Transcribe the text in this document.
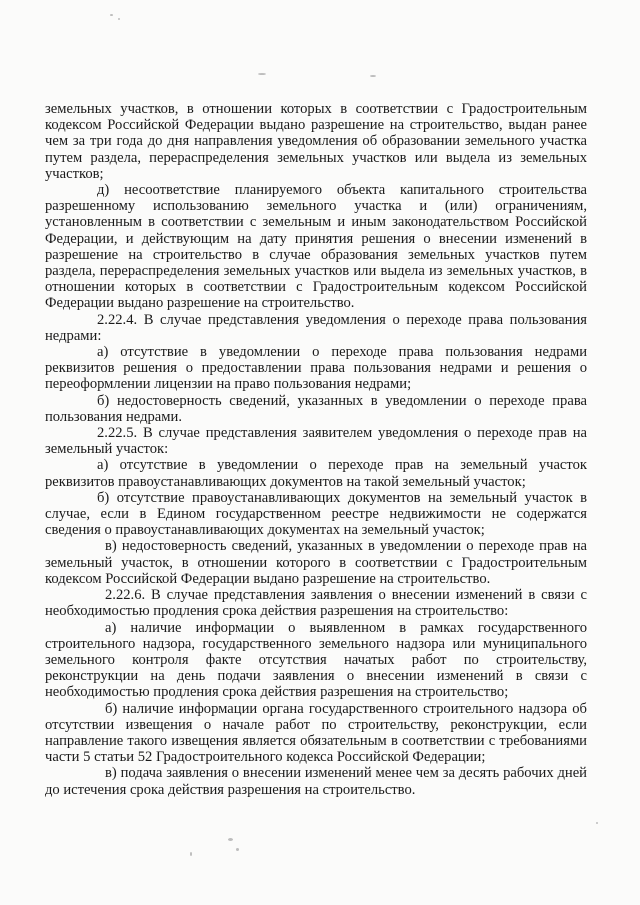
земельных участков, в отношении которых в соответствии с Градостроительным кодексом Российской Федерации выдано разрешение на строительство, выдан ранее чем за три года до дня направления уведомления об образовании земельного участка путем раздела, перераспределения земельных участков или выдела из земельных участков;

д) несоответствие планируемого объекта капитального строительства разрешенному использованию земельного участка и (или) ограничениям, установленным в соответствии с земельным и иным законодательством Российской Федерации, и действующим на дату принятия решения о внесении изменений в разрешение на строительство в случае образования земельных участков путем раздела, перераспределения земельных участков или выдела из земельных участков, в отношении которых в соответствии с Градостроительным кодексом Российской Федерации выдано разрешение на строительство.

2.22.4. В случае представления уведомления о переходе права пользования недрами:

а) отсутствие в уведомлении о переходе права пользования недрами реквизитов решения о предоставлении права пользования недрами и решения о переоформлении лицензии на право пользования недрами;

б) недостоверность сведений, указанных в уведомлении о переходе права пользования недрами.

2.22.5. В случае представления заявителем уведомления о переходе прав на земельный участок:

а) отсутствие в уведомлении о переходе прав на земельный участок реквизитов правоустанавливающих документов на такой земельный участок;

б) отсутствие правоустанавливающих документов на земельный участок в случае, если в Едином государственном реестре недвижимости не содержатся сведения о правоустанавливающих документах на земельный участок;

в) недостоверность сведений, указанных в уведомлении о переходе прав на земельный участок, в отношении которого в соответствии с Градостроительным кодексом Российской Федерации выдано разрешение на строительство.

2.22.6. В случае представления заявления о внесении изменений в связи с необходимостью продления срока действия разрешения на строительство:

а) наличие информации о выявленном в рамках государственного строительного надзора, государственного земельного надзора или муниципального земельного контроля факте отсутствия начатых работ по строительству, реконструкции на день подачи заявления о внесении изменений в связи с необходимостью продления срока действия разрешения на строительство;

б) наличие информации органа государственного строительного надзора об отсутствии извещения о начале работ по строительству, реконструкции, если направление такого извещения является обязательным в соответствии с требованиями части 5 статьи 52 Градостроительного кодекса Российской Федерации;

в) подача заявления о внесении изменений менее чем за десять рабочих дней до истечения срока действия разрешения на строительство.
